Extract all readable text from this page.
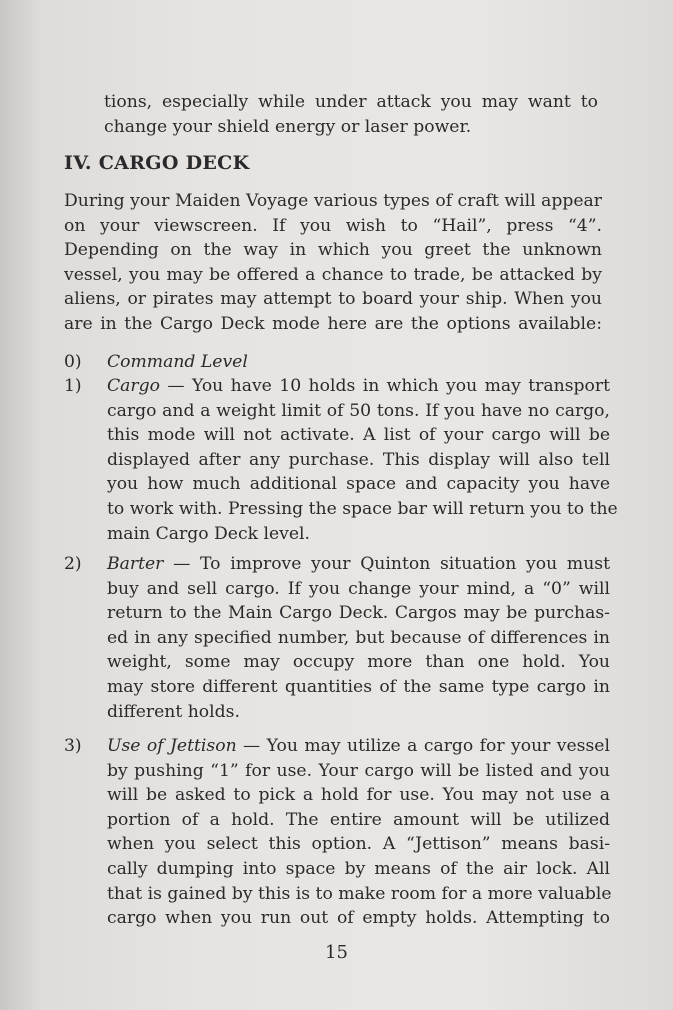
tions, especially while under attack you may want to
change your shield energy or laser power.
IV. CARGO DECK
During your Maiden Voyage various types of craft will appear
on your viewscreen. If you wish to “Hail”, press “4”.
Depending on the way in which you greet the unknown
vessel, you may be offered a chance to trade, be attacked by
aliens, or pirates may attempt to board your ship. When you
are in the Cargo Deck mode here are the options available:
0) Command Level
1) Cargo — You have 10 holds in which you may transport
cargo and a weight limit of 50 tons. If you have no cargo,
this mode will not activate. A list of your cargo will be
displayed after any purchase. This display will also tell
you how much additional space and capacity you have
to work with. Pressing the space bar will return you to the
main Cargo Deck level.
2) Barter — To improve your Quinton situation you must
buy and sell cargo. If you change your mind, a “0” will
return to the Main Cargo Deck. Cargos may be purchas-
ed in any specified number, but because of differences in
weight, some may occupy more than one hold. You
may store different quantities of the same type cargo in
different holds.
3) Use of Jettison — You may utilize a cargo for your vessel
by pushing “1” for use. Your cargo will be listed and you
will be asked to pick a hold for use. You may not use a
portion of a hold. The entire amount will be utilized
when you select this option. A “Jettison” means basi-
cally dumping into space by means of the air lock. All
that is gained by this is to make room for a more valuable
cargo when you run out of empty holds. Attempting to
15
